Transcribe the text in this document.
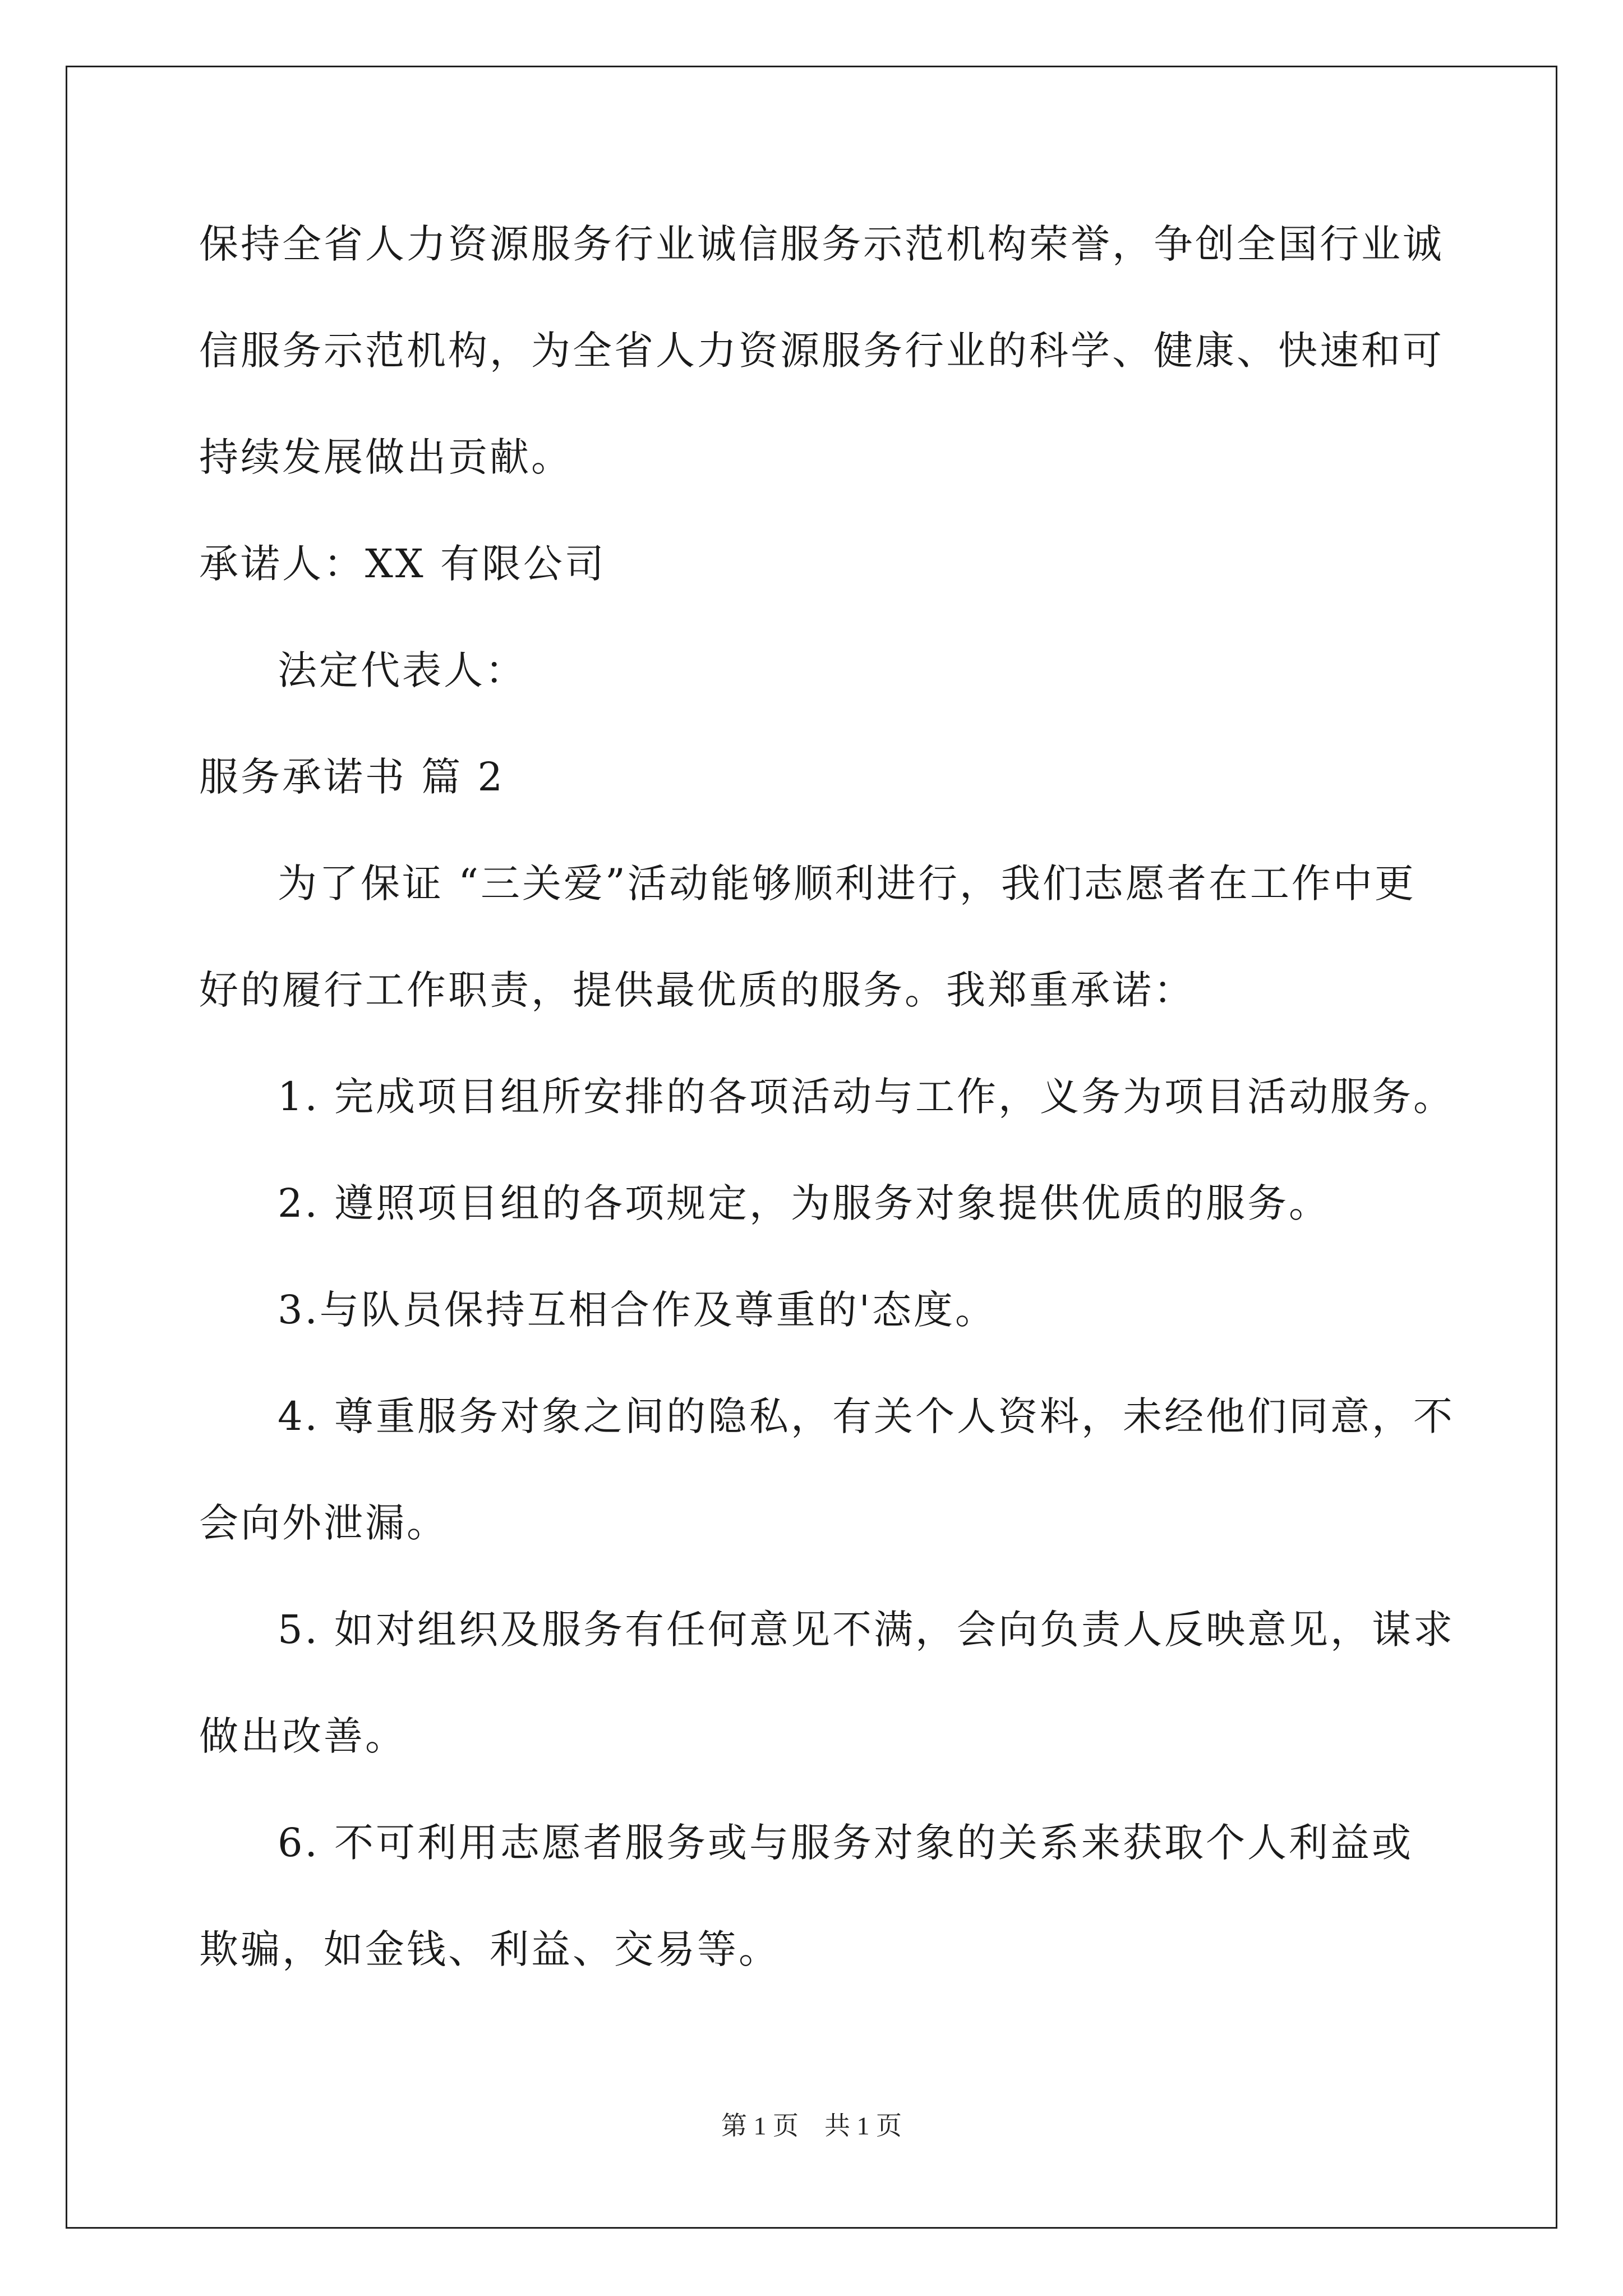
保持全省人力资源服务行业诚信服务示范机构荣誉，争创全国行业诚
信服务示范机构，为全省人力资源服务行业的科学、健康、快速和可
持续发展做出贡献。
承诺人：XX 有限公司
法定代表人：
服务承诺书 篇 2
为了保证 “三关爱”活动能够顺利进行，我们志愿者在工作中更
好的履行工作职责，提供最优质的服务。我郑重承诺：
1. 完成项目组所安排的各项活动与工作，义务为项目活动服务。
2. 遵照项目组的各项规定，为服务对象提供优质的服务。
3.与队员保持互相合作及尊重的'态度。
4. 尊重服务对象之间的隐私，有关个人资料，未经他们同意，不
会向外泄漏。
5. 如对组织及服务有任何意见不满，会向负责人反映意见，谋求
做出改善。
6. 不可利用志愿者服务或与服务对象的关系来获取个人利益或
欺骗，如金钱、利益、交易等。
第 1 页　共 1 页
